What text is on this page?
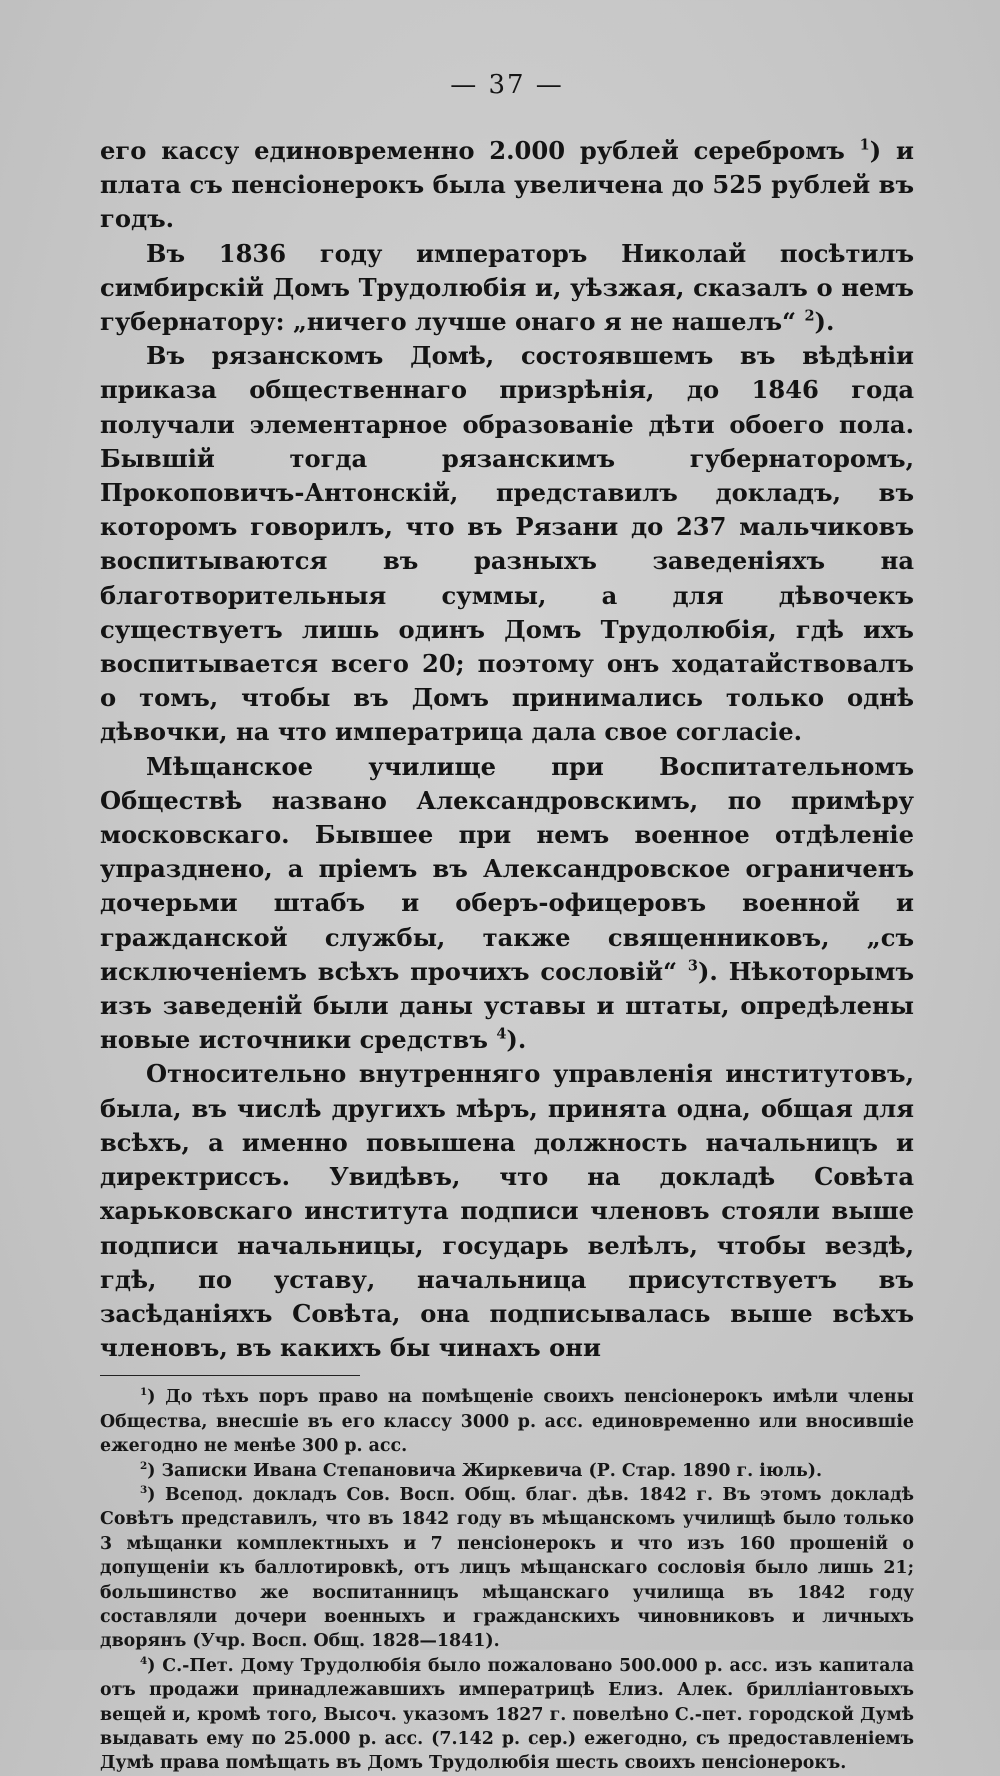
— 37 —

его кассу единовременно 2.000 рублей серебромъ $^1$) и плата съ пенсіонерокъ была увеличена до 525 рублей въ годъ.

Въ 1836 году императоръ Николай посѣтилъ симбирскій Домъ Трудолюбія и, уѣзжая, сказалъ о немъ губернатору: „ничего лучше онаго я не нашелъ“ $^2$).

Въ рязанскомъ Домѣ, состоявшемъ въ вѣдѣніи приказа общественнаго призрѣнія, до 1846 года получали элементарное образованіе дѣти обоего пола. Бывшій тогда рязанскимъ губернаторомъ, Прокоповичъ-Антонскій, представилъ докладъ, въ которомъ говорилъ, что въ Рязани до 237 мальчиковъ воспитываются въ разныхъ заведеніяхъ на благотворительныя суммы, а для дѣвочекъ существуетъ лишь одинъ Домъ Трудолюбія, гдѣ ихъ воспитывается всего 20; поэтому онъ ходатайствовалъ о томъ, чтобы въ Домъ принимались только однѣ дѣвочки, на что императрица дала свое согласіе.

Мѣщанское училище при Воспитательномъ Обществѣ названо Александровскимъ, по примѣру московскаго. Бывшее при немъ военное отдѣленіе упразднено, а пріемъ въ Александровское ограниченъ дочерьми штабъ и оберъ-офицеровъ военной и гражданской службы, также священниковъ, „съ исключеніемъ всѣхъ прочихъ сословій“ $^3$). Нѣкоторымъ изъ заведеній были даны уставы и штаты, опредѣлены новые источники средствъ $^4$).

Относительно внутренняго управленія институтовъ, была, въ числѣ другихъ мѣръ, принята одна, общая для всѣхъ, а именно повышена должность начальницъ и директриссъ. Увидѣвъ, что на докладѣ Совѣта харьковскаго института подписи членовъ стояли выше подписи начальницы, государь велѣлъ, чтобы вездѣ, гдѣ, по уставу, начальница присутствуетъ въ засѣданіяхъ Совѣта, она подписывалась выше всѣхъ членовъ, въ какихъ бы чинахъ они

$^1$) До тѣхъ поръ право на помѣщеніе своихъ пенсіонерокъ имѣли члены Общества, внесшіе въ его классу 3000 р. асс. единовременно или вносившіе ежегодно не менѣе 300 р. асс.

$^2$) Записки Ивана Степановича Жиркевича (Р. Стар. 1890 г. іюль).

$^3$) Всепод. докладъ Сов. Восп. Общ. благ. дѣв. 1842 г. Въ этомъ докладѣ Совѣтъ представилъ, что въ 1842 году въ мѣщанскомъ училищѣ было только 3 мѣщанки комплектныхъ и 7 пенсіонерокъ и что изъ 160 прошеній о допущеніи къ баллотировкѣ, отъ лицъ мѣщанскаго сословія было лишь 21; большинство же воспитанницъ мѣщанскаго училища въ 1842 году составляли дочери военныхъ и гражданскихъ чиновниковъ и личныхъ дворянъ (Учр. Восп. Общ. 1828—1841).

$^4$) С.-Пет. Дому Трудолюбія было пожаловано 500.000 р. асс. изъ капитала отъ продажи принадлежавшихъ императрицѣ Елиз. Алек. бриллiантовыхъ вещей и, кромѣ того, Высоч. указомъ 1827 г. повелѣно С.-пет. городской Думѣ выдавать ему по 25.000 р. асс. (7.142 р. сер.) ежегодно, съ предоставленіемъ Думѣ права помѣщать въ Домъ Трудолюбія шесть своихъ пенсіонерокъ.
